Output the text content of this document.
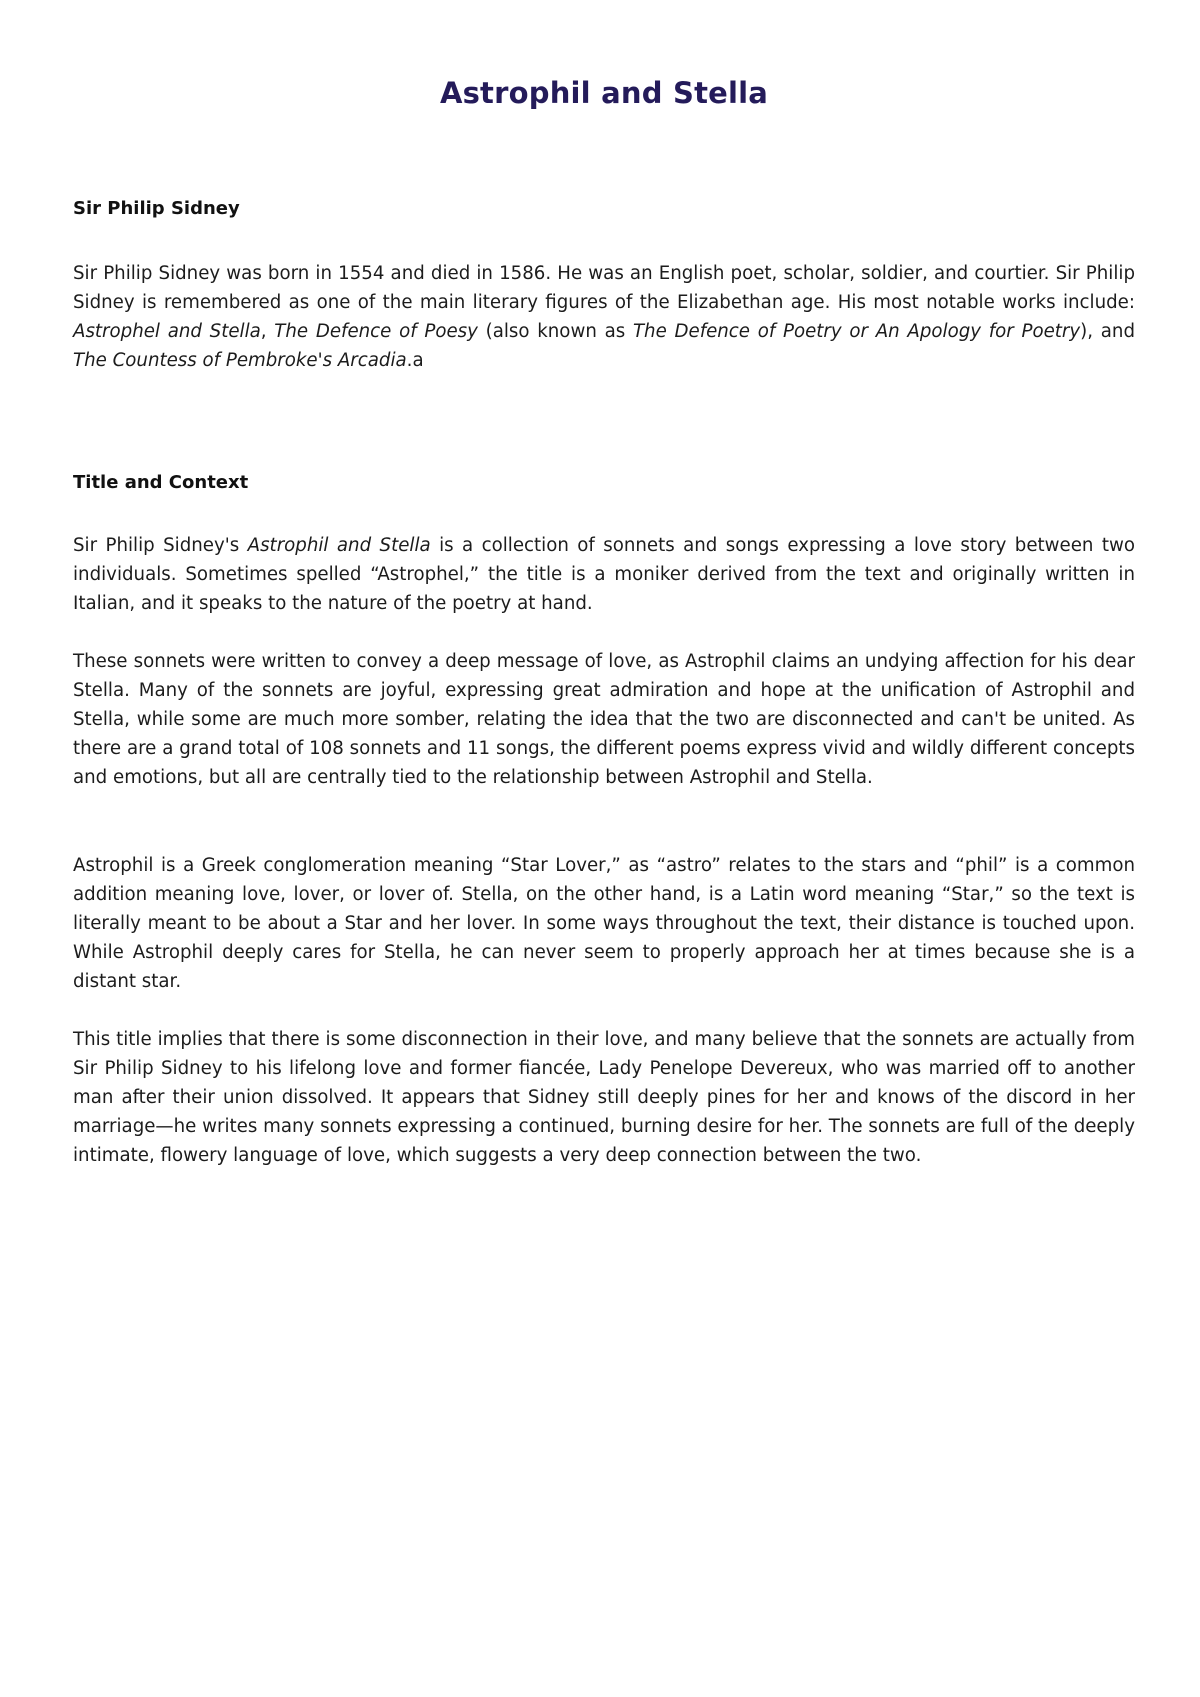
Astrophil and Stella
Sir Philip Sidney

Sir Philip Sidney was born in 1554 and died in 1586. He was an English poet, scholar, soldier, and courtier. Sir Philip Sidney is remembered as one of the main literary figures of the Elizabethan age. His most notable works include: Astrophel and Stella, The Defence of Poesy (also known as The Defence of Poetry or An Apology for Poetry), and The Countess of Pembroke's Arcadia.a

Title and Context

Sir Philip Sidney's Astrophil and Stella is a collection of sonnets and songs expressing a love story between two individuals. Sometimes spelled “Astrophel,” the title is a moniker derived from the text and originally written in Italian, and it speaks to the nature of the poetry at hand.

These sonnets were written to convey a deep message of love, as Astrophil claims an undying affection for his dear Stella. Many of the sonnets are joyful, expressing great admiration and hope at the unification of Astrophil and Stella, while some are much more somber, relating the idea that the two are disconnected and can't be united. As there are a grand total of 108 sonnets and 11 songs, the different poems express vivid and wildly different concepts and emotions, but all are centrally tied to the relationship between Astrophil and Stella.

Astrophil is a Greek conglomeration meaning “Star Lover,” as “astro” relates to the stars and “phil” is a common addition meaning love, lover, or lover of. Stella, on the other hand, is a Latin word meaning “Star,” so the text is literally meant to be about a Star and her lover. In some ways throughout the text, their distance is touched upon. While Astrophil deeply cares for Stella, he can never seem to properly approach her at times because she is a distant star.

This title implies that there is some disconnection in their love, and many believe that the sonnets are actually from Sir Philip Sidney to his lifelong love and former fiancée, Lady Penelope Devereux, who was married off to another man after their union dissolved. It appears that Sidney still deeply pines for her and knows of the discord in her marriage—he writes many sonnets expressing a continued, burning desire for her. The sonnets are full of the deeply intimate, flowery language of love, which suggests a very deep connection between the two.
